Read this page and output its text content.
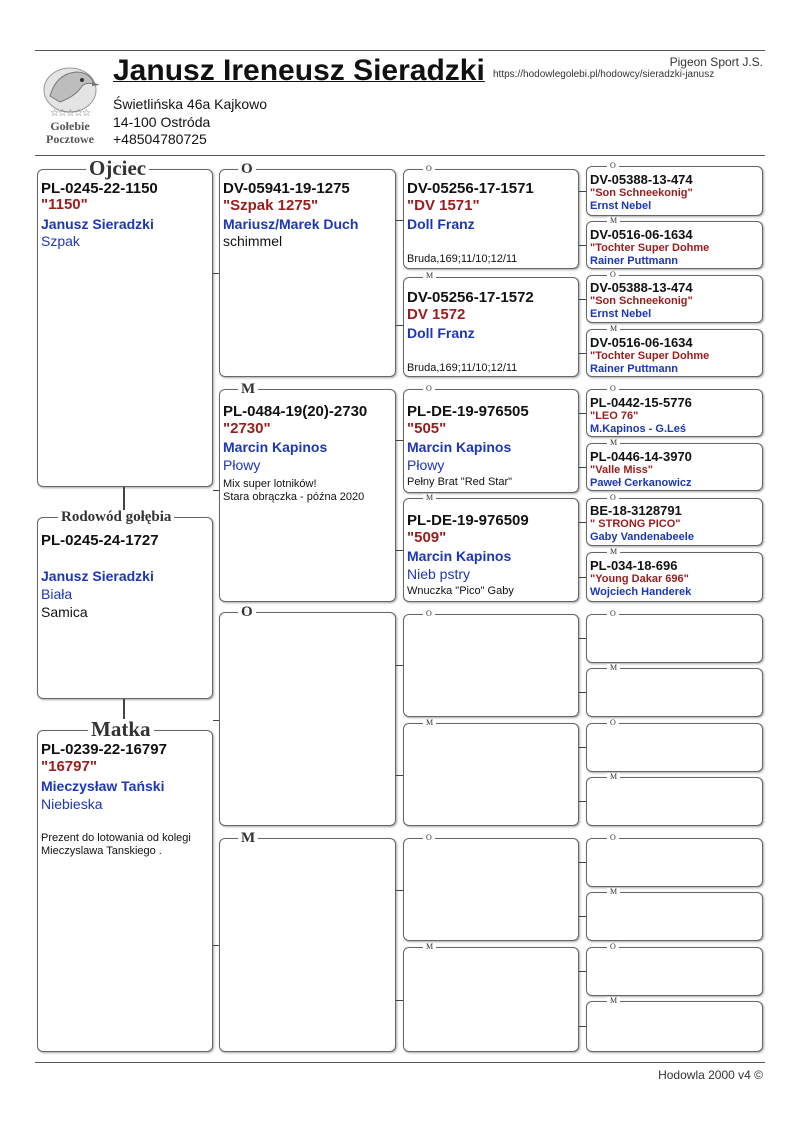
☆☆☆☆☆
Gołebie
Pocztowe
Janusz Ireneusz Sieradzki
Świetlińska 46a Kajkowo
14-100 Ostróda
+48504780725
Pigeon Sport J.S.
https://hodowlegolebi.pl/hodowcy/sieradzki-janusz
Ojciec
PL-0245-22-1150
"1150"
Janusz Sieradzki
Szpak
Rodowód gołębia
PL-0245-24-1727
Janusz Sieradzki
Biała
Samica
Matka
PL-0239-22-16797
"16797"
Mieczysław Tański
Niebieska
Prezent do lotowania od kolegi Mieczyslawa Tanskiego .
O
DV-05941-19-1275
"Szpak 1275"
Mariusz/Marek Duch
schimmel
M
PL-0484-19(20)-2730
"2730"
Marcin Kapinos
Płowy
Mix super lotników!
Stara obrączka - późna 2020
O
M
O
DV-05256-17-1571
"DV 1571"
Doll Franz
Bruda,169;11/10;12/11
M
DV-05256-17-1572
DV 1572
Doll Franz
Bruda,169;11/10;12/11
O
PL-DE-19-976505
"505"
Marcin Kapinos
Płowy
Pełny Brat "Red Star"
M
PL-DE-19-976509
"509"
Marcin Kapinos
Nieb pstry
Wnuczka "Pico" Gaby
O
M
O
M
O
DV-05388-13-474
"Son Schneekonig"
Ernst Nebel
M
DV-0516-06-1634
"Tochter Super Dohme
Rainer Puttmann
O
DV-05388-13-474
"Son Schneekonig"
Ernst Nebel
M
DV-0516-06-1634
"Tochter Super Dohme
Rainer Puttmann
O
PL-0442-15-5776
"LEO 76"
M.Kapinos - G.Leś
M
PL-0446-14-3970
"Valle Miss"
Paweł Cerkanowicz
O
BE-18-3128791
" STRONG PICO"
Gaby Vandenabeele
M
PL-034-18-696
"Young Dakar 696"
Wojciech Handerek
O
M
O
M
O
M
O
M
Hodowla 2000 v4 ©
